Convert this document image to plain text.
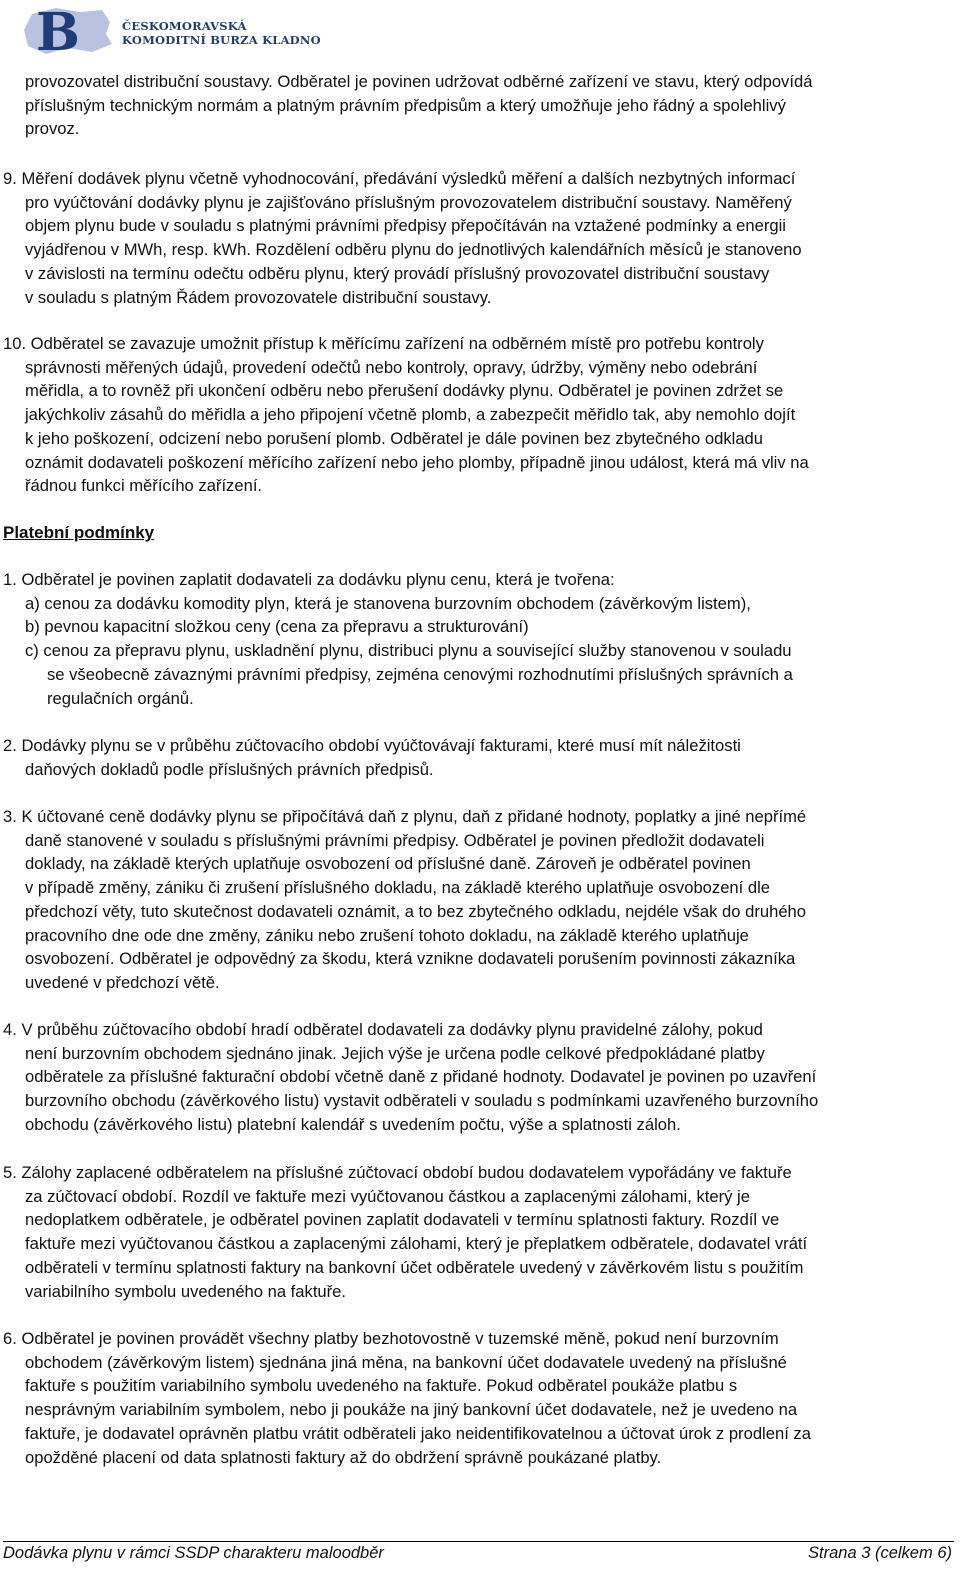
B	ČESKOMORAVSKÁ
KOMODITNÍ BURZA KLADNO
provozovatel distribuční soustavy. Odběratel je povinen udržovat odběrné zařízení ve stavu, který odpovídá
příslušným technickým normám a platným právním předpisům a který umožňuje jeho řádný a spolehlivý
provoz.
9. Měření dodávek plynu včetně vyhodnocování, předávání výsledků měření a dalších nezbytných informací
pro vyúčtování dodávky plynu je zajišťováno příslušným provozovatelem distribuční soustavy. Naměřený
objem plynu bude v souladu s platnými právními předpisy přepočítáván na vztažené podmínky a energii
vyjádřenou v MWh, resp. kWh. Rozdělení odběru plynu do jednotlivých kalendářních měsíců je stanoveno
v závislosti na termínu odečtu odběru plynu, který provádí příslušný provozovatel distribuční soustavy
v souladu s platným Řádem provozovatele distribuční soustavy.
10. Odběratel se zavazuje umožnit přístup k měřícímu zařízení na odběrném místě pro potřebu kontroly
správnosti měřených údajů, provedení odečtů nebo kontroly, opravy, údržby, výměny nebo odebrání
měřidla, a to rovněž při ukončení odběru nebo přerušení dodávky plynu. Odběratel je povinen zdržet se
jakýchkoliv zásahů do měřidla a jeho připojení včetně plomb, a zabezpečit měřidlo tak, aby nemohlo dojít
k jeho poškození, odcizení nebo porušení plomb. Odběratel je dále povinen bez zbytečného odkladu
oznámit dodavateli poškození měřícího zařízení nebo jeho plomby, případně jinou událost, která má vliv na
řádnou funkci měřícího zařízení.
Platební podmínky
1. Odběratel je povinen zaplatit dodavateli za dodávku plynu cenu, která je tvořena:
a) cenou za dodávku komodity plyn, která je stanovena burzovním obchodem (závěrkovým listem),
b) pevnou kapacitní složkou ceny (cena za přepravu a strukturování)
c) cenou za přepravu plynu, uskladnění plynu, distribuci plynu a související služby stanovenou v souladu
se všeobecně závaznými právními předpisy, zejména cenovými rozhodnutími příslušných správních a
regulačních orgánů.
2. Dodávky plynu se v průběhu zúčtovacího období vyúčtovávají fakturami, které musí mít náležitosti
daňových dokladů podle příslušných právních předpisů.
3. K účtované ceně dodávky plynu se připočítává daň z plynu, daň z přidané hodnoty, poplatky a jiné nepřímé
daně stanovené v souladu s příslušnými právními předpisy. Odběratel je povinen předložit dodavateli
doklady, na základě kterých uplatňuje osvobození od příslušné daně. Zároveň je odběratel povinen
v případě změny, zániku či zrušení příslušného dokladu, na základě kterého uplatňuje osvobození dle
předchozí věty, tuto skutečnost dodavateli oznámit, a to bez zbytečného odkladu, nejdéle však do druhého
pracovního dne ode dne změny, zániku nebo zrušení tohoto dokladu, na základě kterého uplatňuje
osvobození. Odběratel je odpovědný za škodu, která vznikne dodavateli porušením povinnosti zákazníka
uvedené v předchozí větě.
4. V průběhu zúčtovacího období hradí odběratel dodavateli za dodávky plynu pravidelné zálohy, pokud
není burzovním obchodem sjednáno jinak. Jejich výše je určena podle celkové předpokládané platby
odběratele za příslušné fakturační období včetně daně z přidané hodnoty. Dodavatel je povinen po uzavření
burzovního obchodu (závěrkového listu) vystavit odběrateli v souladu s podmínkami uzavřeného burzovního
obchodu (závěrkového listu) platební kalendář s uvedením počtu, výše a splatnosti záloh.
5. Zálohy zaplacené odběratelem na příslušné zúčtovací období budou dodavatelem vypořádány ve faktuře
za zúčtovací období. Rozdíl ve faktuře mezi vyúčtovanou částkou a zaplacenými zálohami, který je
nedoplatkem odběratele, je odběratel povinen zaplatit dodavateli v termínu splatnosti faktury. Rozdíl ve
faktuře mezi vyúčtovanou částkou a zaplacenými zálohami, který je přeplatkem odběratele, dodavatel vrátí
odběrateli v termínu splatnosti faktury na bankovní účet odběratele uvedený v závěrkovém listu s použitím
variabilního symbolu uvedeného na faktuře.
6. Odběratel je povinen provádět všechny platby bezhotovostně v tuzemské měně, pokud není burzovním
obchodem (závěrkovým listem) sjednána jiná měna, na bankovní účet dodavatele uvedený na příslušné
faktuře s použitím variabilního symbolu uvedeného na faktuře. Pokud odběratel poukáže platbu s
nesprávným variabilním symbolem, nebo ji poukáže na jiný bankovní účet dodavatele, než je uvedeno na
faktuře, je dodavatel oprávněn platbu vrátit odběrateli jako neidentifikovatelnou a účtovat úrok z prodlení za
opožděné placení od data splatnosti faktury až do obdržení správně poukázané platby.
Dodávka plynu v rámci SSDP charakteru maloodběr	Strana 3 (celkem 6)
